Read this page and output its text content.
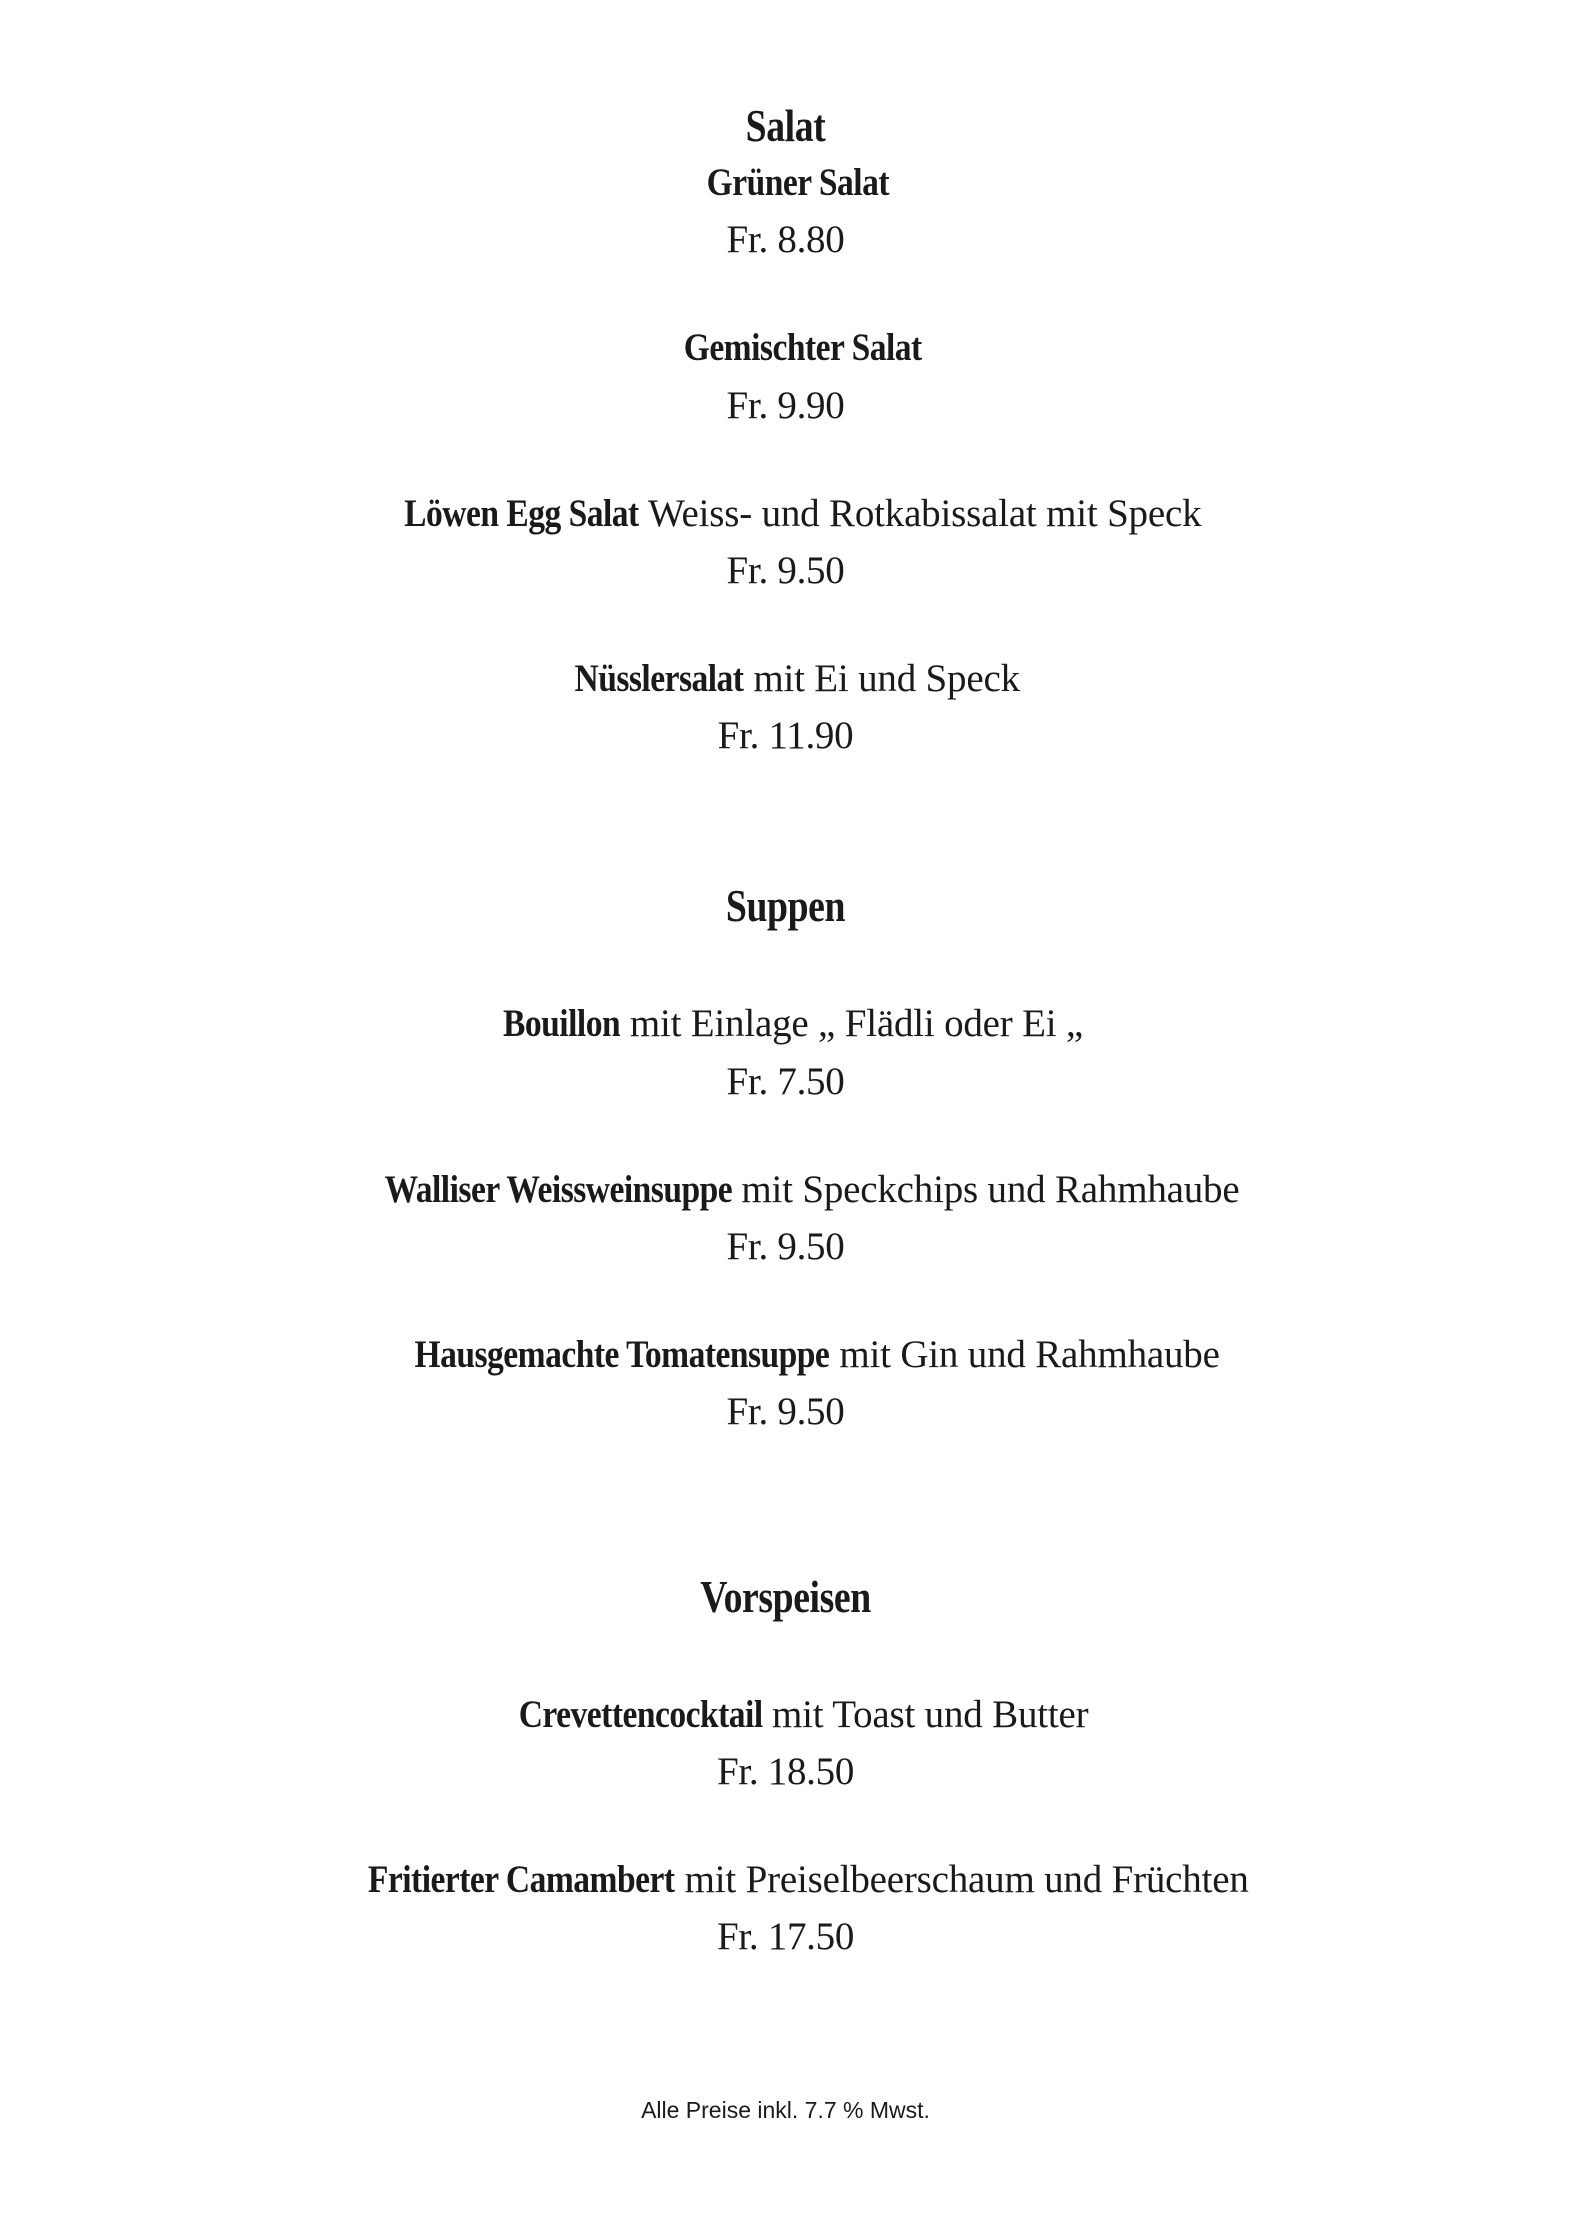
Salat
Grüner Salat
Fr. 8.80
Gemischter Salat
Fr. 9.90
Löwen Egg Salat Weiss- und Rotkabissalat mit Speck
Fr. 9.50
Nüsslersalat mit Ei und Speck
Fr. 11.90
Suppen
Bouillon mit Einlage „ Flädli oder Ei „
Fr. 7.50
Walliser Weissweinsuppe mit Speckchips und Rahmhaube
Fr. 9.50
Hausgemachte Tomatensuppe mit Gin und Rahmhaube
Fr. 9.50
Vorspeisen
Crevettencocktail mit Toast und Butter
Fr. 18.50
Fritierter Camambert mit Preiselbeerschaum und Früchten
Fr. 17.50
Alle Preise inkl. 7.7 % Mwst.
